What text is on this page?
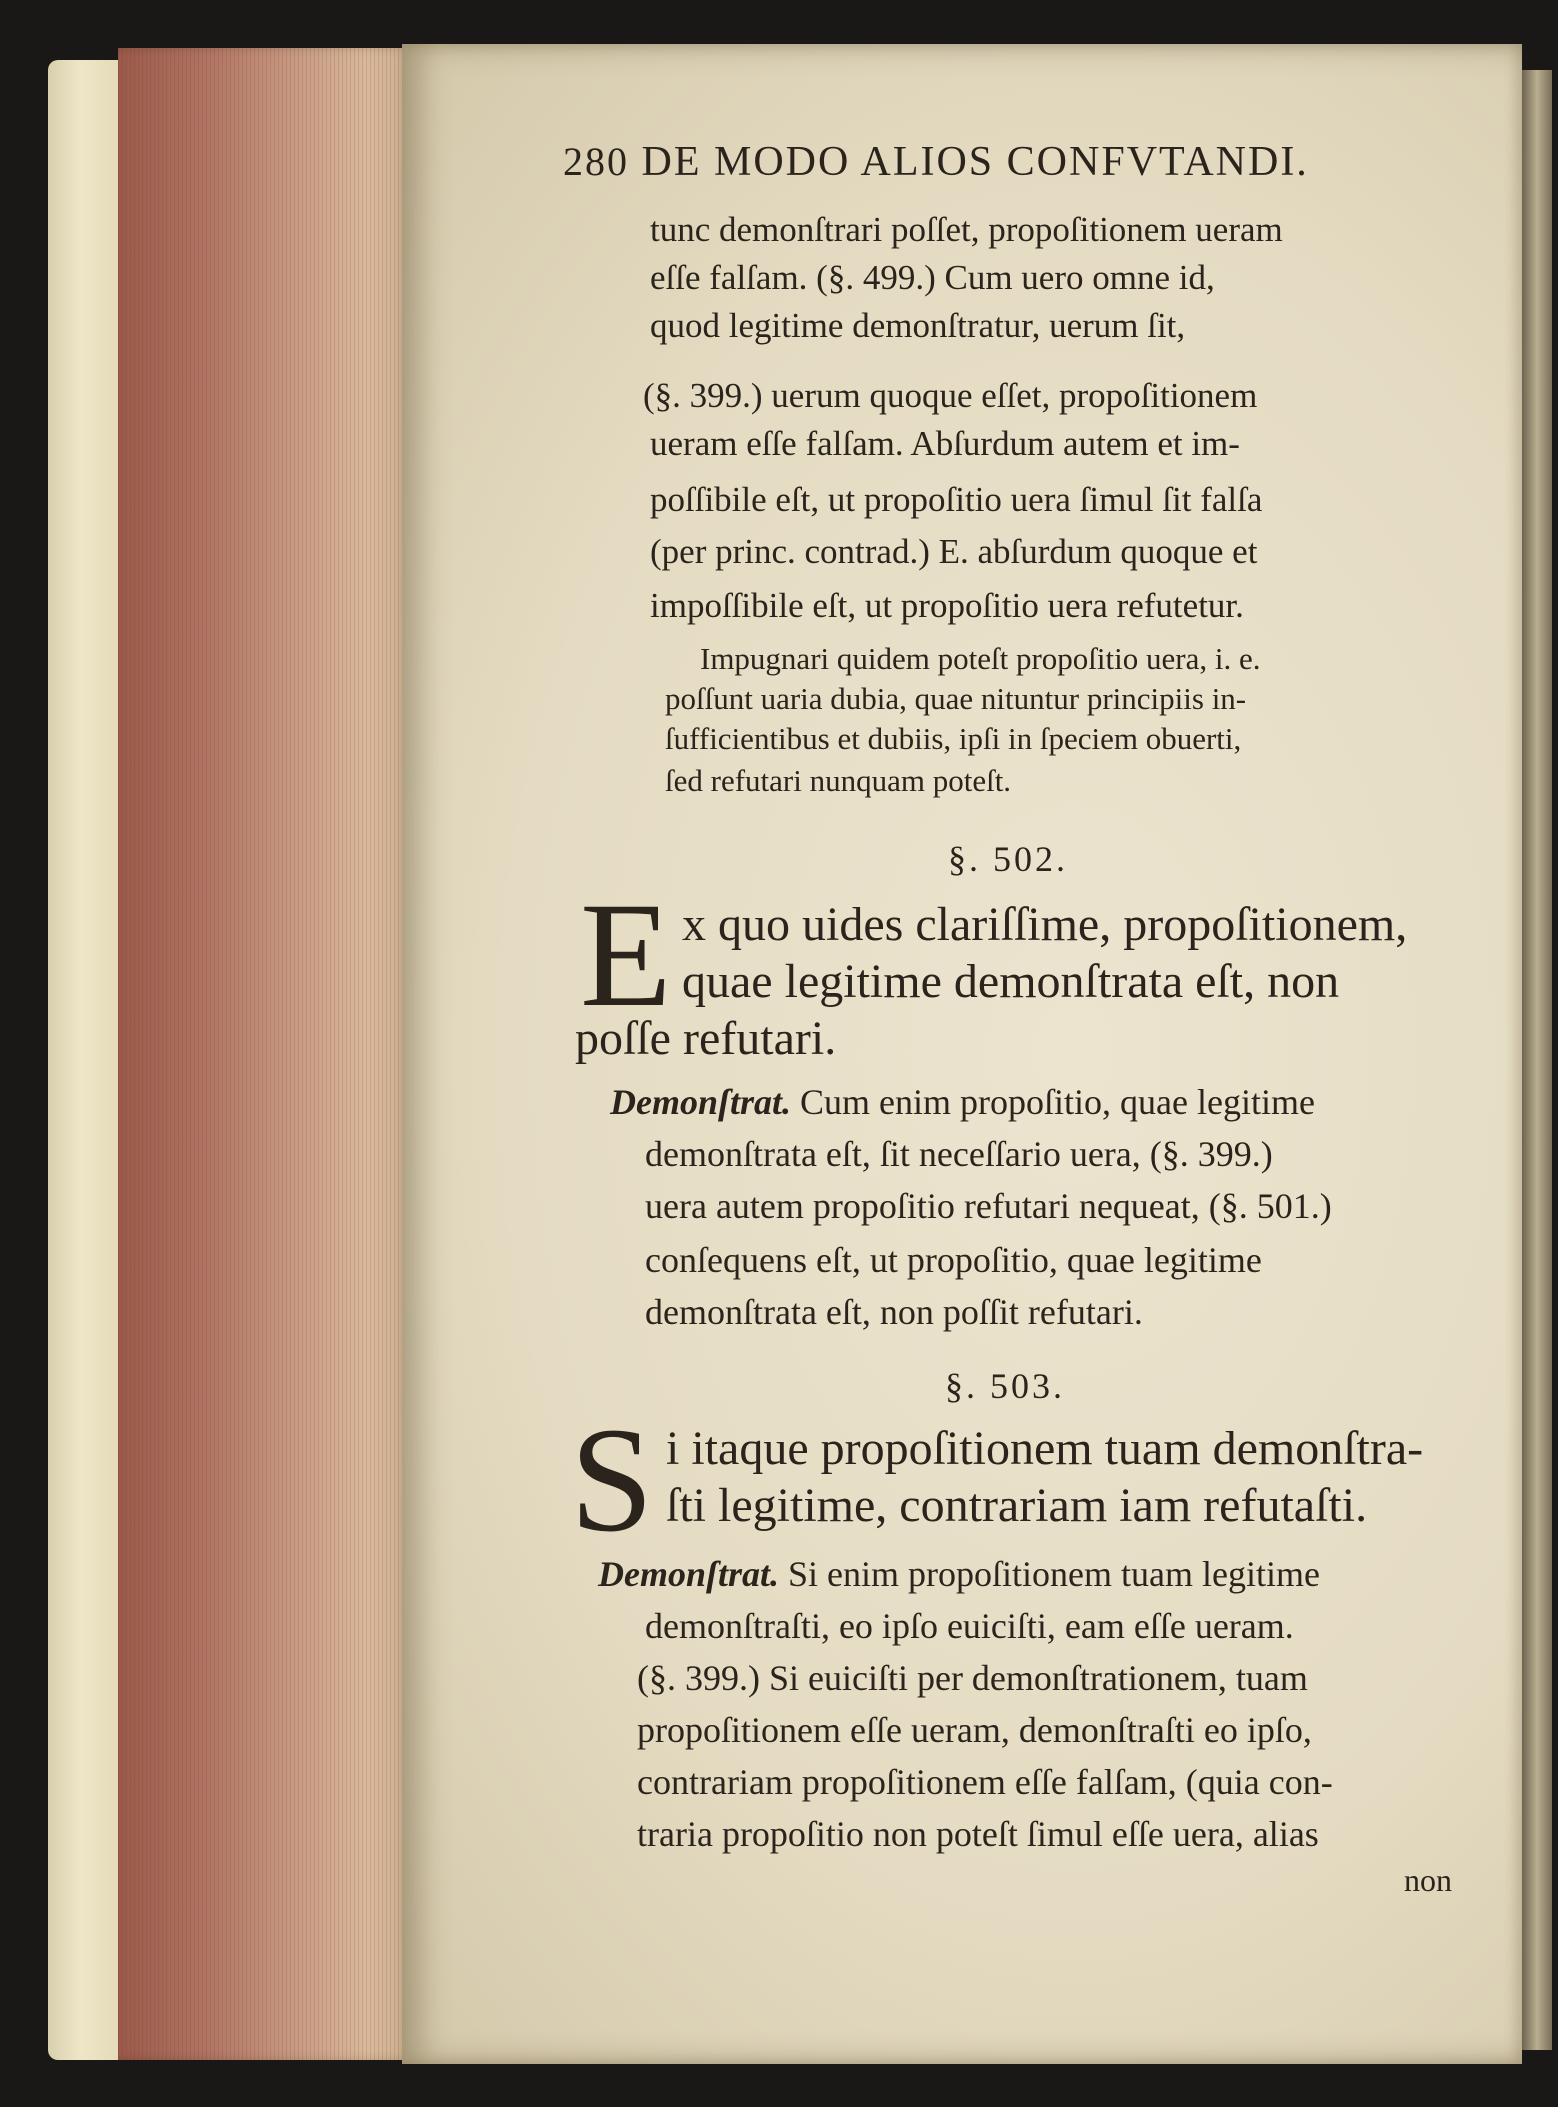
280 DE MODO ALIOS CONFVTANDI.
tunc demonſtrari poſſet, propoſitionem ueram
eſſe falſam. (§. 499.) Cum uero omne id,
quod legitime demonſtratur, uerum ſit,
(§. 399.) uerum quoque eſſet, propoſitionem
ueram eſſe falſam. Abſurdum autem et im-
poſſibile eſt, ut propoſitio uera ſimul ſit falſa
(per princ. contrad.) E. abſurdum quoque et
impoſſibile eſt, ut propoſitio uera refutetur.
Impugnari quidem poteſt propoſitio uera, i. e.
poſſunt uaria dubia, quae nituntur principiis in-
ſufficientibus et dubiis, ipſi in ſpeciem obuerti,
ſed refutari nunquam poteſt.
§. 502.
E x quo uides clariſſime, propoſitionem,
quae legitime demonſtrata eſt, non
poſſe refutari.
Demonſtrat. Cum enim propoſitio, quae legitime
demonſtrata eſt, ſit neceſſario uera, (§. 399.)
uera autem propoſitio refutari nequeat, (§. 501.)
conſequens eſt, ut propoſitio, quae legitime
demonſtrata eſt, non poſſit refutari.
§. 503.
S i itaque propoſitionem tuam demonſtra-
ſti legitime, contrariam iam refutaſti.
Demonſtrat. Si enim propoſitionem tuam legitime
demonſtraſti, eo ipſo euiciſti, eam eſſe ueram.
(§. 399.) Si euiciſti per demonſtrationem, tuam
propoſitionem eſſe ueram, demonſtraſti eo ipſo,
contrariam propoſitionem eſſe falſam, (quia con-
traria propoſitio non poteſt ſimul eſſe uera, alias
non
